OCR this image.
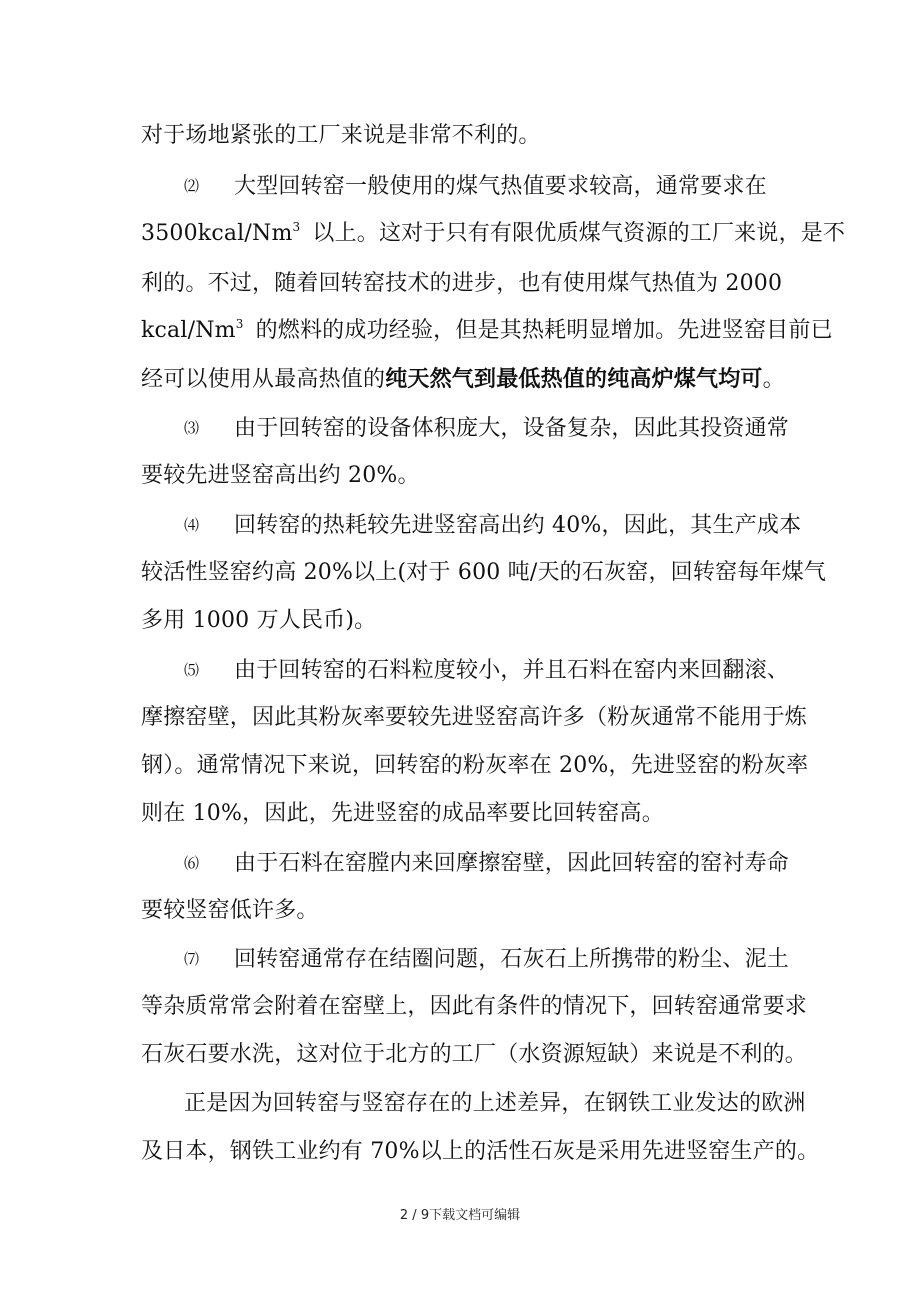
对于场地紧张的工厂来说是非常不利的。
⑵ 大型回转窑一般使用的煤气热值要求较高，通常要求在
3500kcal/Nm$^3$ 以上。这对于只有有限优质煤气资源的工厂来说，是不
利的。不过，随着回转窑技术的进步，也有使用煤气热值为 2000
kcal/Nm$^3$ 的燃料的成功经验，但是其热耗明显增加。先进竖窑目前已
经可以使用从最高热值的纯天然气到最低热值的纯高炉煤气均可。
⑶ 由于回转窑的设备体积庞大，设备复杂，因此其投资通常
要较先进竖窑高出约 20%。
⑷ 回转窑的热耗较先进竖窑高出约 40%，因此，其生产成本
较活性竖窑约高 20%以上(对于 600 吨/天的石灰窑，回转窑每年煤气
多用 1000 万人民币)。
⑸ 由于回转窑的石料粒度较小，并且石料在窑内来回翻滚、
摩擦窑壁，因此其粉灰率要较先进竖窑高许多（粉灰通常不能用于炼
钢）。通常情况下来说，回转窑的粉灰率在 20%，先进竖窑的粉灰率
则在 10%，因此，先进竖窑的成品率要比回转窑高。
⑹ 由于石料在窑膛内来回摩擦窑壁，因此回转窑的窑衬寿命
要较竖窑低许多。
⑺ 回转窑通常存在结圈问题，石灰石上所携带的粉尘、泥土
等杂质常常会附着在窑壁上，因此有条件的情况下，回转窑通常要求
石灰石要水洗，这对位于北方的工厂（水资源短缺）来说是不利的。
正是因为回转窑与竖窑存在的上述差异，在钢铁工业发达的欧洲
及日本，钢铁工业约有 70%以上的活性石灰是采用先进竖窑生产的。
2 / 9下载文档可编辑
